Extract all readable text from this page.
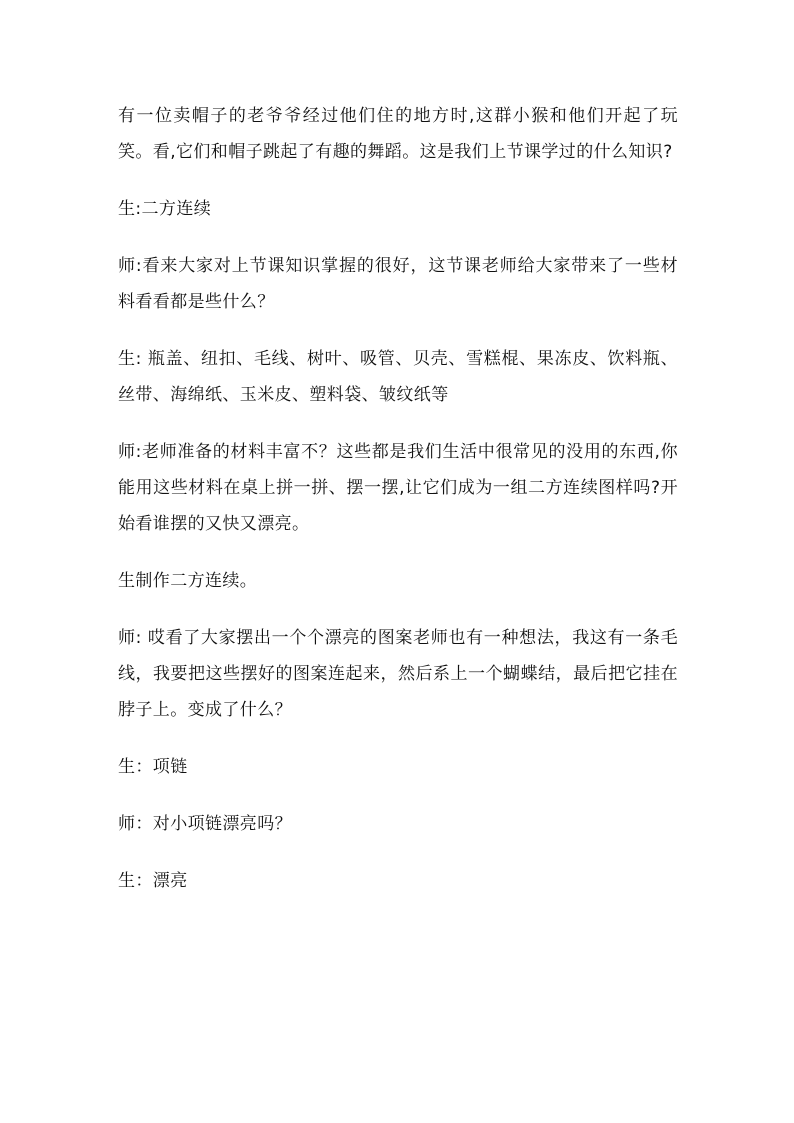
有一位卖帽子的老爷爷经过他们住的地方时,这群小猴和他们开起了玩笑。看,它们和帽子跳起了有趣的舞蹈。这是我们上节课学过的什么知识?

生:二方连续

师:看来大家对上节课知识掌握的很好，这节课老师给大家带来了一些材料看看都是些什么？

生: 瓶盖、纽扣、毛线、树叶、吸管、贝壳、雪糕棍、果冻皮、饮料瓶、丝带、海绵纸、玉米皮、塑料袋、皱纹纸等

师:老师准备的材料丰富不？这些都是我们生活中很常见的没用的东西,你能用这些材料在桌上拼一拼、摆一摆,让它们成为一组二方连续图样吗?开始看谁摆的又快又漂亮。

生制作二方连续。

师: 哎看了大家摆出一个个漂亮的图案老师也有一种想法，我这有一条毛线，我要把这些摆好的图案连起来，然后系上一个蝴蝶结，最后把它挂在脖子上。变成了什么？

生：项链

师：对小项链漂亮吗？

生：漂亮
